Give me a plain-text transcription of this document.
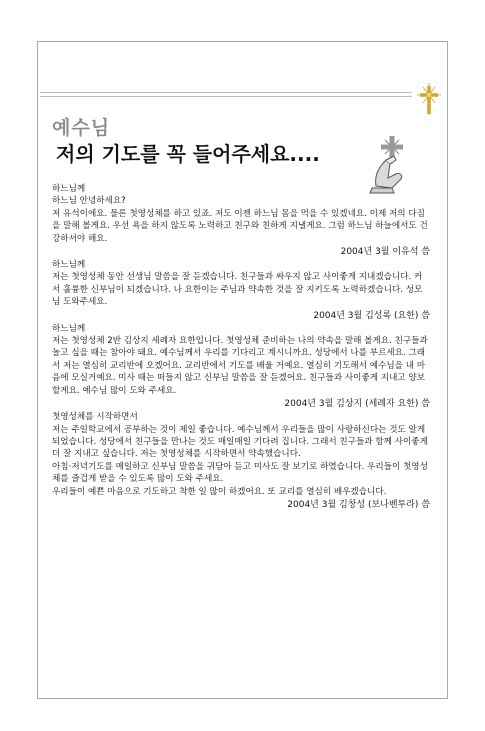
예수님
저의 기도를 꼭 들어주세요....

하느님께

하느님 안녕하세요?

저 유석이에요. 물론 첫영성체를 하고 있죠. 저도 이젠 하느님 몸을 먹을 수 있겠네요. 이제 저의 다짐을 말해 볼게요. 우선 욕을 하지 않도록 노력하고 친구와 친하게 지낼게요. 그럼 하느님 하늘에서도 건강하셔야 해요.

2004년 3월 이유석 씀

하느님께

저는 첫영성체 동안 선생님 말씀을 잘 듣겠습니다. 친구들과 싸우지 않고 사이좋게 지내겠습니다. 커서 훌륭한 신부님이 되겠습니다. 나 요한이는 주님과 약속한 것을 잘 지키도록 노력하겠습니다. 성모님 도와주세요.

2004년 3월 김성록 (요한) 씀

하느님께

저는 첫영성체 2반 김상지 세례자 요한입니다. 첫영성체 준비하는 나의 약속을 말해 볼게요. 친구들과 놀고 싶을 때는 참아야 돼요. 예수님께서 우리를 기다리고 계시니까요. 성당에서 나를 부르세요. 그래서 저는 열심히 교리반에 오겠어요. 교리반에서 기도를 배울 거예요. 열심히 기도해서 예수님을 내 마음에 모실거예요. 미사 때는 떠들지 않고 신부님 말씀을 잘 듣겠어요. 친구들과 사이좋게 지내고 양보할게요. 예수님 많이 도와 주세요.

2004년 3월 김상지 (세례자 요한) 씀

첫영성체를 시작하면서

저는 주일학교에서 공부하는 것이 제일 좋습니다. 예수님께서 우리들을 많이 사랑하신다는 것도 알게 되었습니다. 성당에서 친구들을 만나는 것도 매일매일 기다려 집니다. 그래서 친구들과 함께 사이좋게 더 잘 지내고 싶습니다. 저는 첫영성체를 시작하면서 약속했습니다.

아침·저녁기도를 매일하고 신부님 말씀을 귀담아 듣고 미사도 잘 보기로 하였습니다. 우리들이 첫영성체를 즐겁게 받을 수 있도록 많이 도와 주세요.

우리들이 예쁜 마음으로 기도하고 착한 일 많이 하겠어요. 또 교리를 열심히 배우겠습니다.

2004년 3월 김창성 (보나벤투라) 씀
